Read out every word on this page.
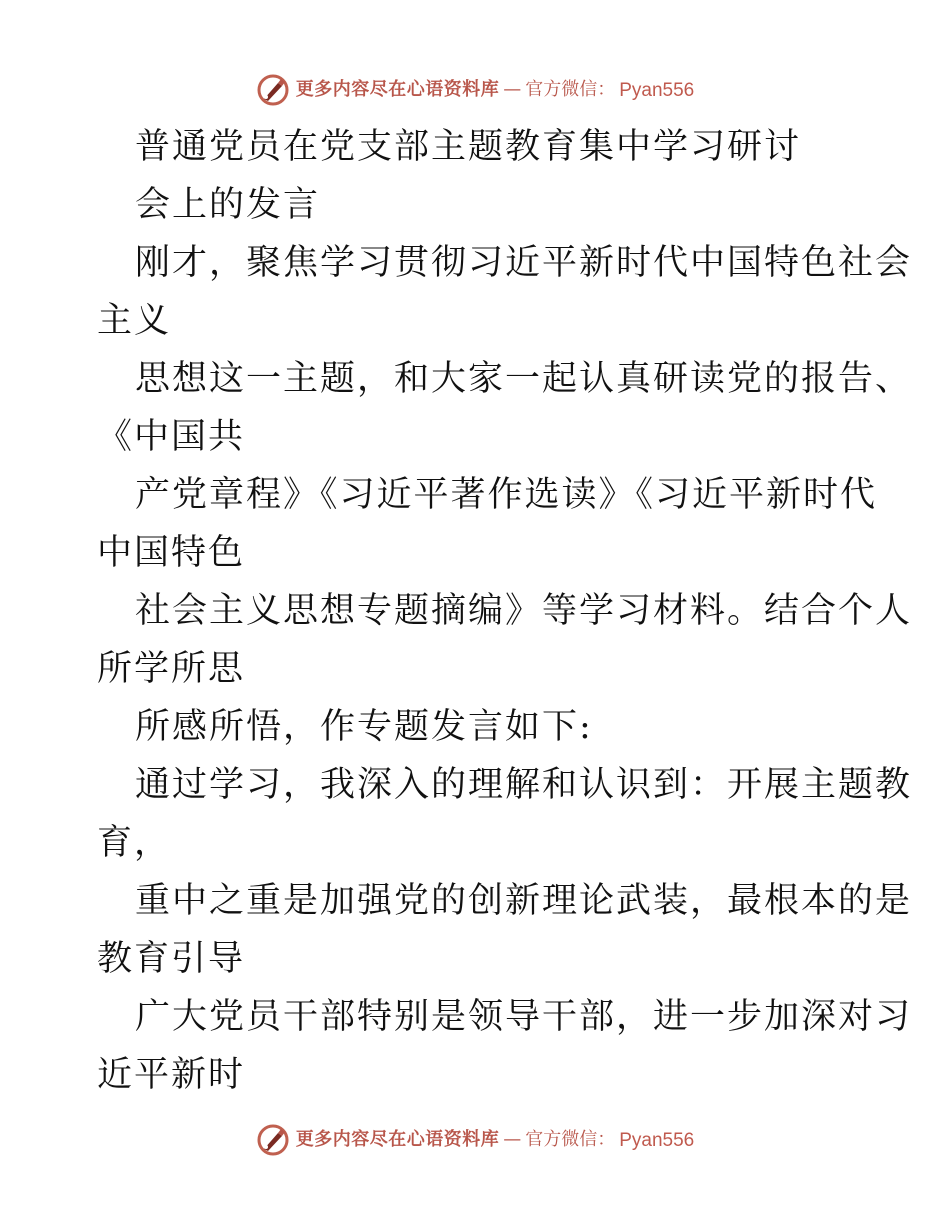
更多内容尽在心语资料库 — 官方微信： Pyan556
普通党员在党支部主题教育集中学习研讨
会上的发言
刚才，聚焦学习贯彻习近平新时代中国特色社会
主义
思想这一主题，和大家一起认真研读党的报告、
《中国共
产党章程》《习近平著作选读》《习近平新时代
中国特色
社会主义思想专题摘编》等学习材料。结合个人
所学所思
所感所悟，作专题发言如下:
通过学习，我深入的理解和认识到：开展主题教
育，
重中之重是加强党的创新理论武装，最根本的是
教育引导
广大党员干部特别是领导干部，进一步加深对习
近平新时
更多内容尽在心语资料库 — 官方微信： Pyan556
